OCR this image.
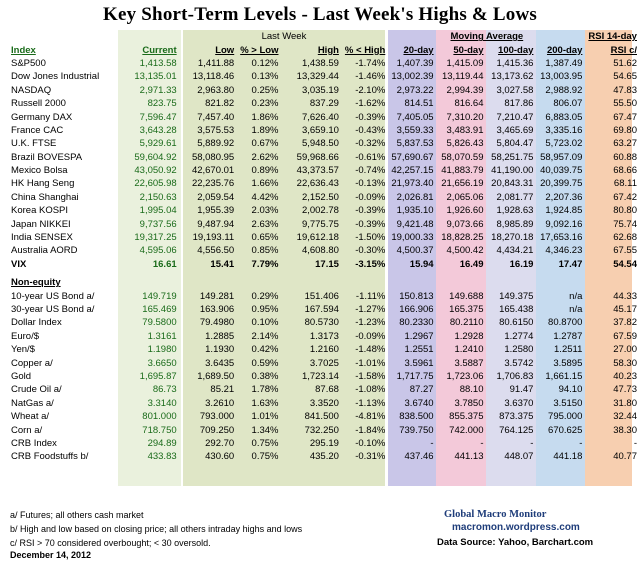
Key Short-Term Levels - Last Week's Highs & Lows
		Last Week				Moving Average				RSI 14-day
Index	Current	Low	% > Low	High	% < High	20-day	50-day	100-day	200-day	RSI c/
S&P500	1,413.58	1,411.88	0.12%	1,438.59	-1.74%	1,407.39	1,415.09	1,415.36	1,387.49	51.62
Dow Jones Industrial	13,135.01	13,118.46	0.13%	13,329.44	-1.46%	13,002.39	13,119.44	13,173.62	13,003.95	54.65
NASDAQ	2,971.33	2,963.80	0.25%	3,035.19	-2.10%	2,973.22	2,994.39	3,027.58	2,988.92	47.83
Russell 2000	823.75	821.82	0.23%	837.29	-1.62%	814.51	816.64	817.86	806.07	55.50
Germany DAX	7,596.47	7,457.40	1.86%	7,626.40	-0.39%	7,405.05	7,310.20	7,210.47	6,883.05	67.47
France CAC	3,643.28	3,575.53	1.89%	3,659.10	-0.43%	3,559.33	3,483.91	3,465.69	3,335.16	69.80
U.K. FTSE	5,929.61	5,889.92	0.67%	5,948.50	-0.32%	5,837.53	5,826.43	5,804.47	5,723.02	63.27
Brazil BOVESPA	59,604.92	58,080.95	2.62%	59,968.66	-0.61%	57,690.67	58,070.59	58,251.75	58,957.09	60.88
Mexico Bolsa	43,050.92	42,670.01	0.89%	43,373.57	-0.74%	42,257.15	41,883.79	41,190.00	40,039.75	68.66
HK Hang Seng	22,605.98	22,235.76	1.66%	22,636.43	-0.13%	21,973.40	21,656.19	20,843.31	20,399.75	68.11
China Shanghai	2,150.63	2,059.54	4.42%	2,152.50	-0.09%	2,026.81	2,065.06	2,081.77	2,207.36	67.42
Korea KOSPI	1,995.04	1,955.39	2.03%	2,002.78	-0.39%	1,935.10	1,926.60	1,928.63	1,924.85	80.80
Japan NIKKEI	9,737.56	9,487.94	2.63%	9,775.75	-0.39%	9,421.48	9,073.66	8,985.89	9,092.16	75.74
India SENSEX	19,317.25	19,193.11	0.65%	19,612.18	-1.50%	19,000.33	18,828.25	18,270.18	17,653.16	62.68
Australia AORD	4,595.06	4,556.50	0.85%	4,608.80	-0.30%	4,500.37	4,500.42	4,434.21	4,346.23	67.55
VIX	16.61	15.41	7.79%	17.15	-3.15%	15.94	16.49	16.19	17.47	54.54

Non-equity										
10-year US Bond a/	149.719	149.281	0.29%	151.406	-1.11%	150.813	149.688	149.375	n/a	44.33
30-year US Bond a/	165.469	163.906	0.95%	167.594	-1.27%	166.906	165.375	165.438	n/a	45.17
Dollar Index	79.5800	79.4980	0.10%	80.5730	-1.23%	80.2330	80.2110	80.6150	80.8700	37.82
Euro/$	1.3161	1.2885	2.14%	1.3173	-0.09%	1.2967	1.2928	1.2774	1.2787	67.59
Yen/$	1.1980	1.1930	0.42%	1.2160	-1.48%	1.2551	1.2410	1.2580	1.2511	27.00
Copper a/	3.6650	3.6435	0.59%	3.7025	-1.01%	3.5961	3.5887	3.5742	3.5895	58.30
Gold	1,695.87	1,689.50	0.38%	1,723.14	-1.58%	1,717.75	1,723.06	1,706.83	1,661.15	40.23
Crude Oil a/	86.73	85.21	1.78%	87.68	-1.08%	87.27	88.10	91.47	94.10	47.73
NatGas a/	3.3140	3.2610	1.63%	3.3520	-1.13%	3.6740	3.7850	3.6370	3.5150	31.80
Wheat a/	801.000	793.000	1.01%	841.500	-4.81%	838.500	855.375	873.375	795.000	32.44
Corn a/	718.750	709.250	1.34%	732.250	-1.84%	739.750	742.000	764.125	670.625	38.30
CRB Index	294.89	292.70	0.75%	295.19	-0.10%	-	-	-	-	-
CRB Foodstuffs b/	433.83	430.60	0.75%	435.20	-0.31%	437.46	441.13	448.07	441.18	40.77
a/ Futures; all others cash market
b/ High and low based on closing price; all others intraday highs and lows
c/ RSI > 70 considered overbought; < 30 oversold.
December 14, 2012
Global Macro Monitor
macromon.wordpress.com
Data Source: Yahoo, Barchart.com
